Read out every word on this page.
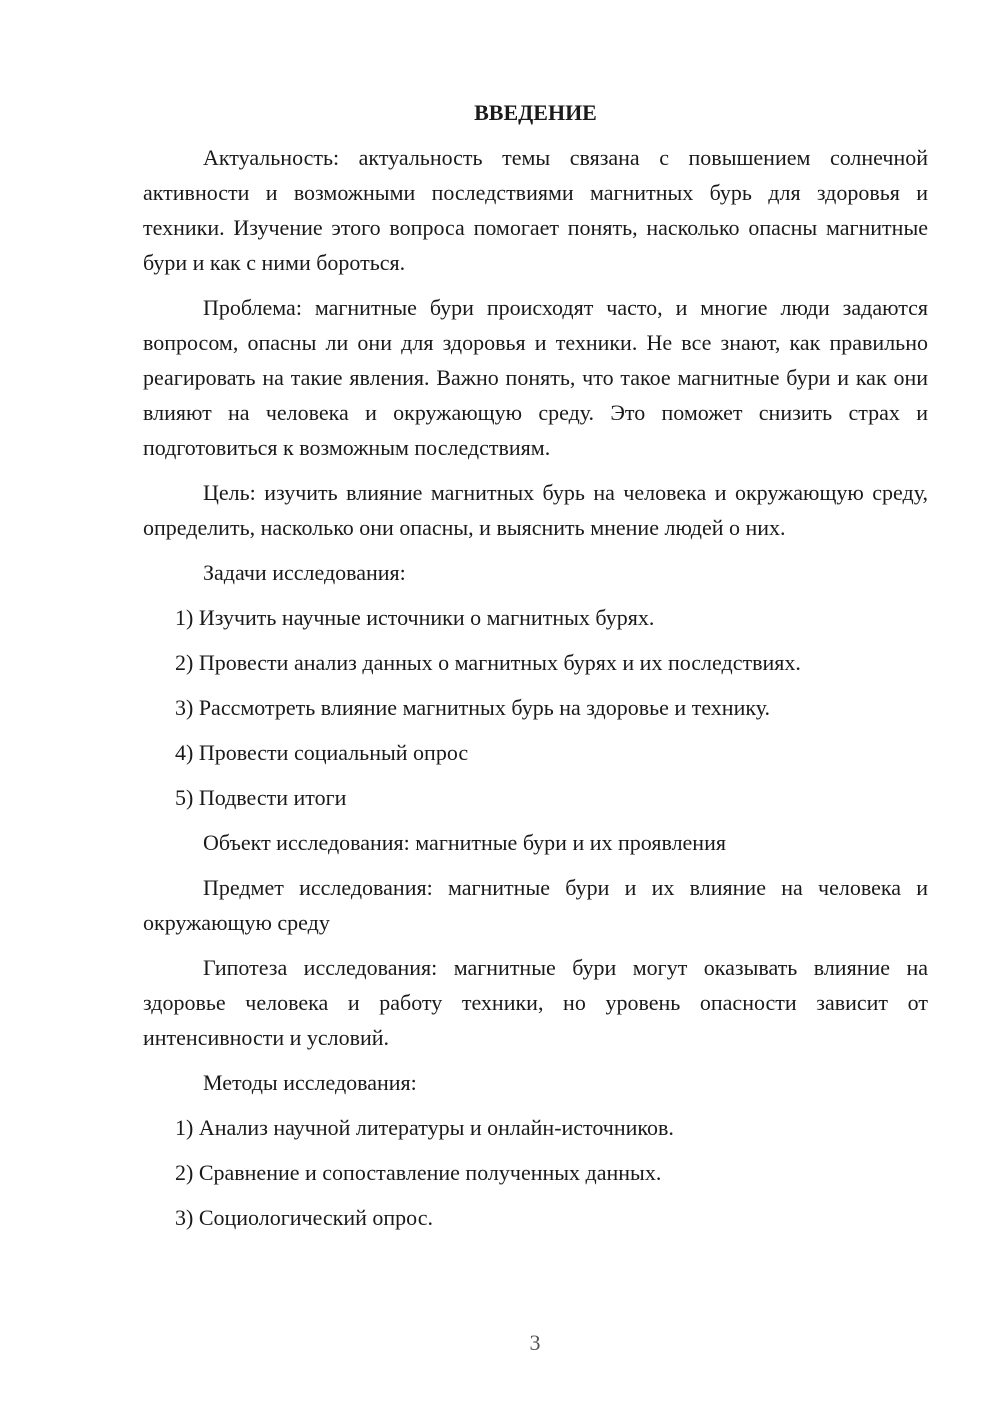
ВВЕДЕНИЕ

Актуальность: актуальность темы связана с повышением солнечной активности и возможными последствиями магнитных бурь для здоровья и техники. Изучение этого вопроса помогает понять, насколько опасны магнитные бури и как с ними бороться.

Проблема: магнитные бури происходят часто, и многие люди задаются вопросом, опасны ли они для здоровья и техники. Не все знают, как правильно реагировать на такие явления. Важно понять, что такое магнитные бури и как они влияют на человека и окружающую среду. Это поможет снизить страх и подготовиться к возможным последствиям.

Цель: изучить влияние магнитных бурь на человека и окружающую среду, определить, насколько они опасны, и выяснить мнение людей о них.

Задачи исследования:

1) Изучить научные источники о магнитных бурях.
2) Провести анализ данных о магнитных бурях и их последствиях.
3) Рассмотреть влияние магнитных бурь на здоровье и технику.
4) Провести социальный опрос
5) Подвести итоги

Объект исследования: магнитные бури и их проявления

Предмет исследования: магнитные бури и их влияние на человека и окружающую среду

Гипотеза исследования: магнитные бури могут оказывать влияние на здоровье человека и работу техники, но уровень опасности зависит от интенсивности и условий.

Методы исследования:

1) Анализ научной литературы и онлайн-источников.
2) Сравнение и сопоставление полученных данных.
3) Социологический опрос.
3
